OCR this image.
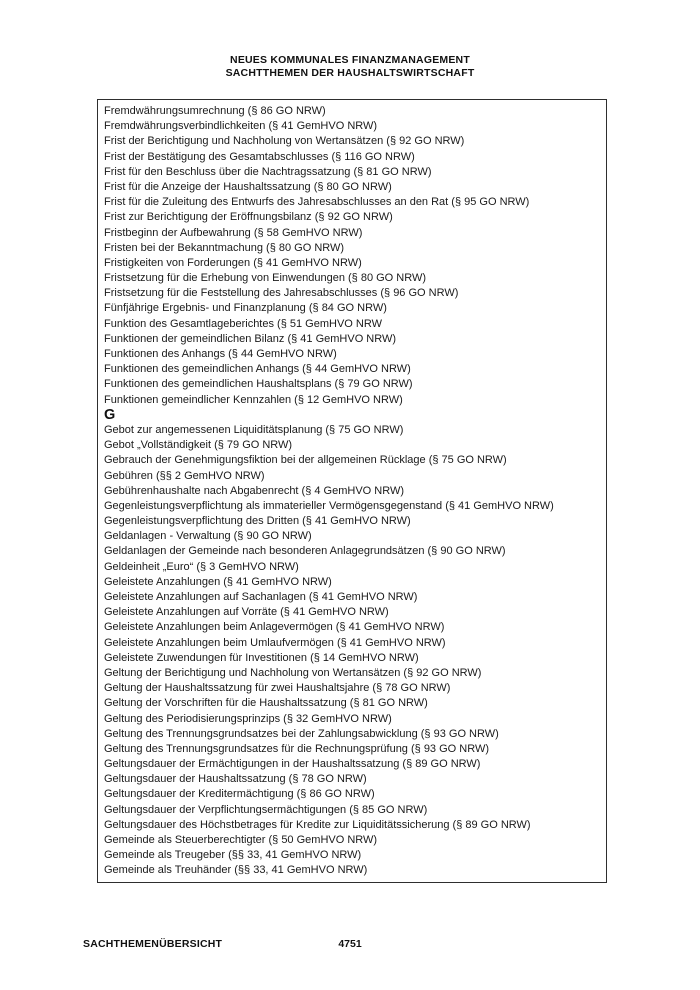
NEUES KOMMUNALES FINANZMANAGEMENT
SACHTTHEMEN DER HAUSHALTSWIRTSCHAFT
Fremdwährungsumrechnung (§ 86 GO NRW)
Fremdwährungsverbindlichkeiten (§ 41 GemHVO NRW)
Frist der Berichtigung und Nachholung von Wertansätzen (§ 92 GO NRW)
Frist der Bestätigung des Gesamtabschlusses (§ 116 GO NRW)
Frist für den Beschluss über die Nachtragssatzung (§ 81 GO NRW)
Frist für die Anzeige der Haushaltssatzung (§ 80 GO NRW)
Frist für die Zuleitung des Entwurfs des Jahresabschlusses an den Rat (§ 95 GO NRW)
Frist zur Berichtigung der Eröffnungsbilanz (§ 92 GO NRW)
Fristbeginn der Aufbewahrung (§ 58 GemHVO NRW)
Fristen bei der Bekanntmachung (§ 80 GO NRW)
Fristigkeiten von Forderungen (§ 41 GemHVO NRW)
Fristsetzung für die Erhebung von Einwendungen (§ 80 GO NRW)
Fristsetzung für die Feststellung des Jahresabschlusses (§ 96 GO NRW)
Fünfjährige Ergebnis- und Finanzplanung (§ 84 GO NRW)
Funktion des Gesamtlageberichtes (§ 51 GemHVO NRW
Funktionen der gemeindlichen Bilanz (§ 41 GemHVO NRW)
Funktionen des Anhangs (§ 44 GemHVO NRW)
Funktionen des gemeindlichen Anhangs (§ 44 GemHVO NRW)
Funktionen des gemeindlichen Haushaltsplans (§ 79 GO NRW)
Funktionen gemeindlicher Kennzahlen (§ 12 GemHVO NRW)
G
Gebot zur angemessenen Liquiditätsplanung (§ 75 GO NRW)
Gebot „Vollständigkeit (§ 79 GO NRW)
Gebrauch der Genehmigungsfiktion bei der allgemeinen Rücklage (§ 75 GO NRW)
Gebühren (§§ 2 GemHVO NRW)
Gebührenhaushalte nach Abgabenrecht (§ 4 GemHVO NRW)
Gegenleistungsverpflichtung als immaterieller Vermögensgegenstand (§ 41 GemHVO NRW)
Gegenleistungsverpflichtung des Dritten (§ 41 GemHVO NRW)
Geldanlagen - Verwaltung (§ 90 GO NRW)
Geldanlagen der Gemeinde nach besonderen Anlagegrundsätzen (§ 90 GO NRW)
Geldeinheit „Euro“ (§ 3 GemHVO NRW)
Geleistete Anzahlungen (§ 41 GemHVO NRW)
Geleistete Anzahlungen auf Sachanlagen (§ 41 GemHVO NRW)
Geleistete Anzahlungen auf Vorräte (§ 41 GemHVO NRW)
Geleistete Anzahlungen beim Anlagevermögen (§ 41 GemHVO NRW)
Geleistete Anzahlungen beim Umlaufvermögen (§ 41 GemHVO NRW)
Geleistete Zuwendungen für Investitionen (§ 14 GemHVO NRW)
Geltung der Berichtigung und Nachholung von Wertansätzen (§ 92 GO NRW)
Geltung der Haushaltssatzung für zwei Haushaltsjahre (§ 78 GO NRW)
Geltung der Vorschriften für die Haushaltssatzung (§ 81 GO NRW)
Geltung des Periodisierungsprinzips (§ 32 GemHVO NRW)
Geltung des Trennungsgrundsatzes bei der Zahlungsabwicklung (§ 93 GO NRW)
Geltung des Trennungsgrundsatzes für die Rechnungsprüfung (§ 93 GO NRW)
Geltungsdauer der Ermächtigungen in der Haushaltssatzung (§ 89 GO NRW)
Geltungsdauer der Haushaltssatzung (§ 78 GO NRW)
Geltungsdauer der Kreditermächtigung (§ 86 GO NRW)
Geltungsdauer der Verpflichtungsermächtigungen (§ 85 GO NRW)
Geltungsdauer des Höchstbetrages für Kredite zur Liquiditätssicherung (§ 89 GO NRW)
Gemeinde als Steuerberechtigter (§ 50 GemHVO NRW)
Gemeinde als Treugeber (§§ 33, 41 GemHVO NRW)
Gemeinde als Treuhänder (§§ 33, 41 GemHVO NRW)
SACHTHEMENÜBERSICHT	4751
